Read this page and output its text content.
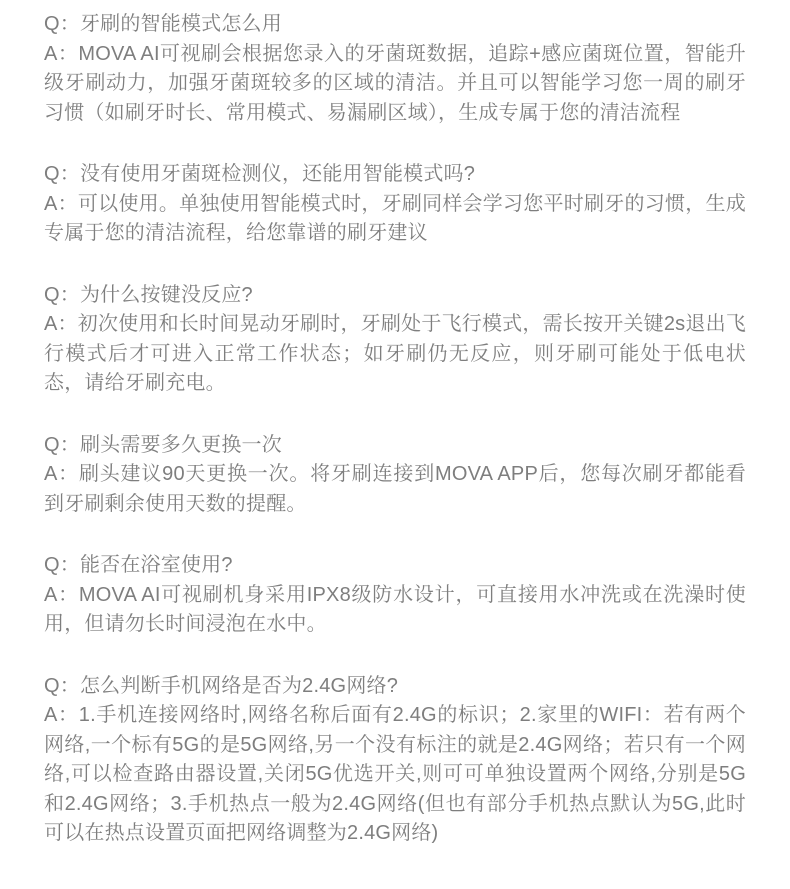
Q：牙刷的智能模式怎么用

A：MOVA AI可视刷会根据您录入的牙菌斑数据，追踪+感应菌斑位置，智能升级牙刷动力，加强牙菌斑较多的区域的清洁。并且可以智能学习您一周的刷牙习惯（如刷牙时长、常用模式、易漏刷区域），生成专属于您的清洁流程

Q：没有使用牙菌斑检测仪，还能用智能模式吗?

A：可以使用。单独使用智能模式时，牙刷同样会学习您平时刷牙的习惯，生成专属于您的清洁流程，给您靠谱的刷牙建议

Q：为什么按键没反应?

A：初次使用和长时间晃动牙刷时，牙刷处于飞行模式，需长按开关键2s退出飞行模式后才可进入正常工作状态；如牙刷仍无反应，则牙刷可能处于低电状态，请给牙刷充电。

Q：刷头需要多久更换一次

A：刷头建议90天更换一次。将牙刷连接到MOVA APP后，您每次刷牙都能看到牙刷剩余使用天数的提醒。

Q：能否在浴室使用?

A：MOVA AI可视刷机身采用IPX8级防水设计，可直接用水冲洗或在洗澡时使用，但请勿长时间浸泡在水中。

Q：怎么判断手机网络是否为2.4G网络?

A：1.手机连接网络时,网络名称后面有2.4G的标识；2.家里的WIFI：若有两个网络,一个标有5G的是5G网络,另一个没有标注的就是2.4G网络；若只有一个网络,可以检查路由器设置,关闭5G优选开关,则可可单独设置两个网络,分别是5G和2.4G网络；3.手机热点一般为2.4G网络(但也有部分手机热点默认为5G,此时可以在热点设置页面把网络调整为2.4G网络)
